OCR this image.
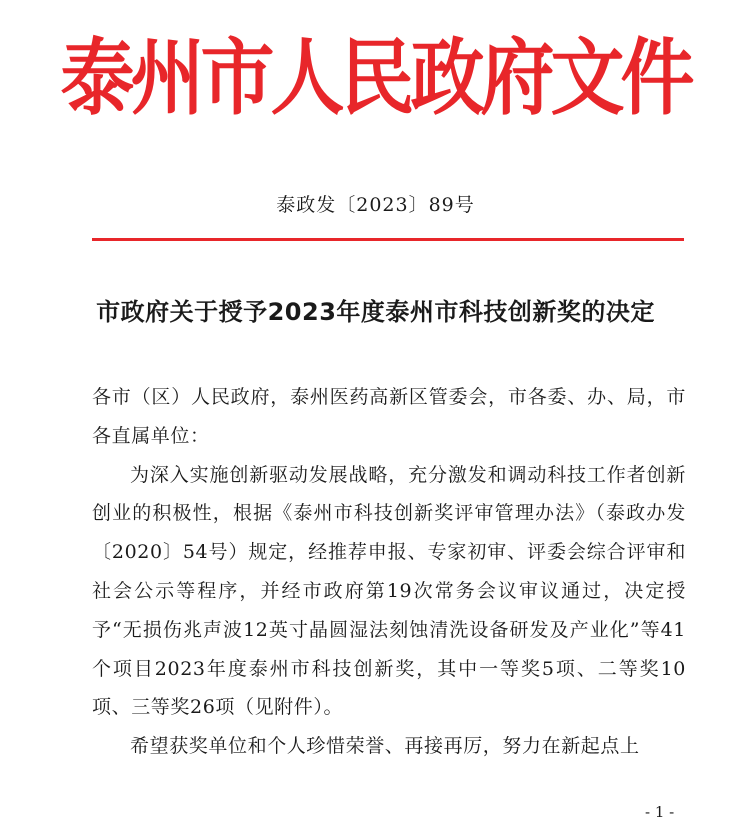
泰州市人民政府文件
泰政发〔2023〕89号
市政府关于授予2023年度泰州市科技创新奖的决定

各市（区）人民政府，泰州医药高新区管委会，市各委、办、局，市各直属单位：

为深入实施创新驱动发展战略，充分激发和调动科技工作者创新创业的积极性，根据《泰州市科技创新奖评审管理办法》（泰政办发〔2020〕54号）规定，经推荐申报、专家初审、评委会综合评审和社会公示等程序，并经市政府第19次常务会议审议通过，决定授予“无损伤兆声波12英寸晶圆湿法刻蚀清洗设备研发及产业化”等41个项目2023年度泰州市科技创新奖，其中一等奖5项、二等奖10项、三等奖26项（见附件）。

希望获奖单位和个人珍惜荣誉、再接再厉，努力在新起点上

- 1 -
